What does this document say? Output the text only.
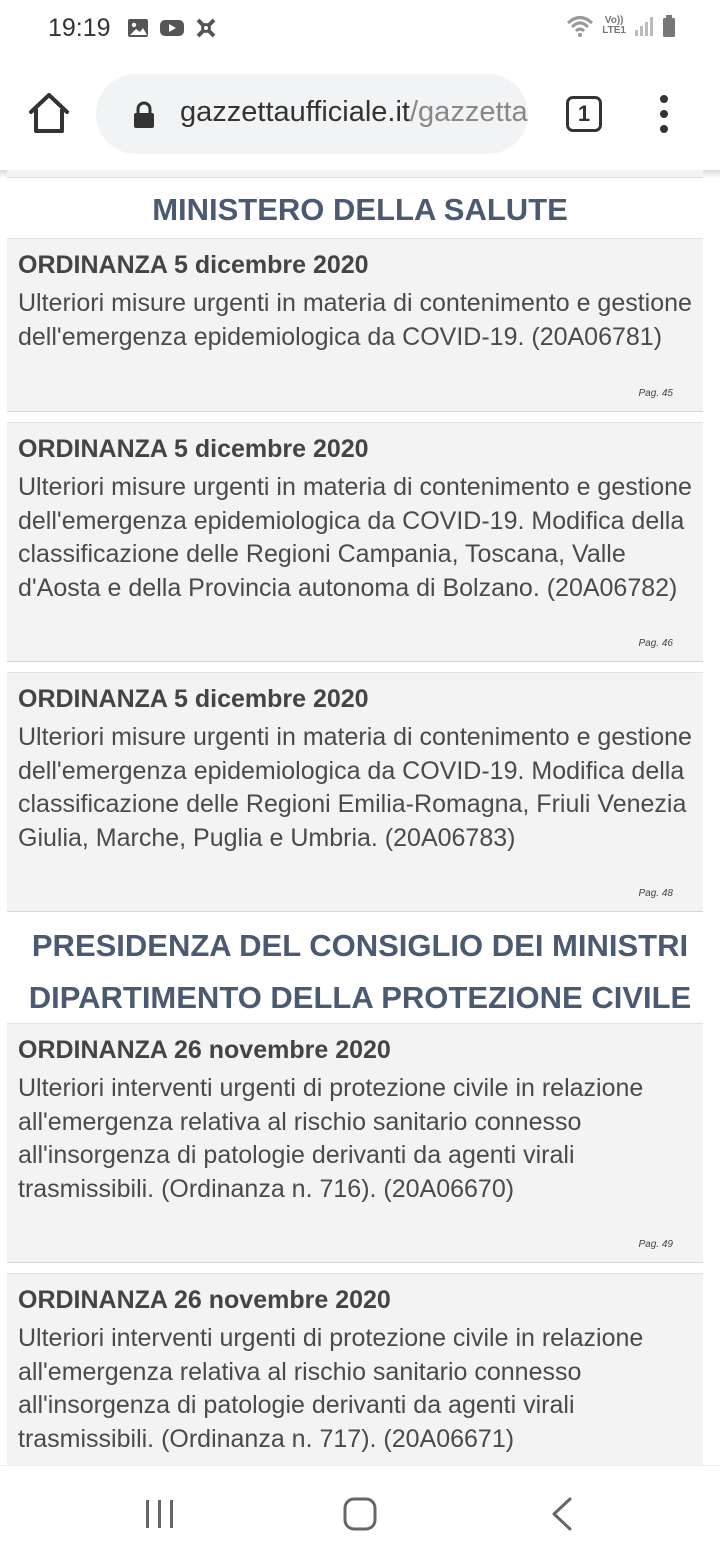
19:19	Vo))
LTE1
gazzettaufficiale.it/gazzetta	1
MINISTERO DELLA SALUTE
ORDINANZA 5 dicembre 2020
Ulteriori misure urgenti in materia di contenimento e gestione dell'emergenza epidemiologica da COVID-19. (20A06781)
Pag. 45
ORDINANZA 5 dicembre 2020
Ulteriori misure urgenti in materia di contenimento e gestione dell'emergenza epidemiologica da COVID-19. Modifica della classificazione delle Regioni Campania, Toscana, Valle d'Aosta e della Provincia autonoma di Bolzano. (20A06782)
Pag. 46
ORDINANZA 5 dicembre 2020
Ulteriori misure urgenti in materia di contenimento e gestione dell'emergenza epidemiologica da COVID-19. Modifica della classificazione delle Regioni Emilia-Romagna, Friuli Venezia Giulia, Marche, Puglia e Umbria. (20A06783)
Pag. 48
PRESIDENZA DEL CONSIGLIO DEI MINISTRI
DIPARTIMENTO DELLA PROTEZIONE CIVILE
ORDINANZA 26 novembre 2020
Ulteriori interventi urgenti di protezione civile in relazione all'emergenza relativa al rischio sanitario connesso all'insorgenza di patologie derivanti da agenti virali trasmissibili. (Ordinanza n. 716). (20A06670)
Pag. 49
ORDINANZA 26 novembre 2020
Ulteriori interventi urgenti di protezione civile in relazione all'emergenza relativa al rischio sanitario connesso all'insorgenza di patologie derivanti da agenti virali trasmissibili. (Ordinanza n. 717). (20A06671)
